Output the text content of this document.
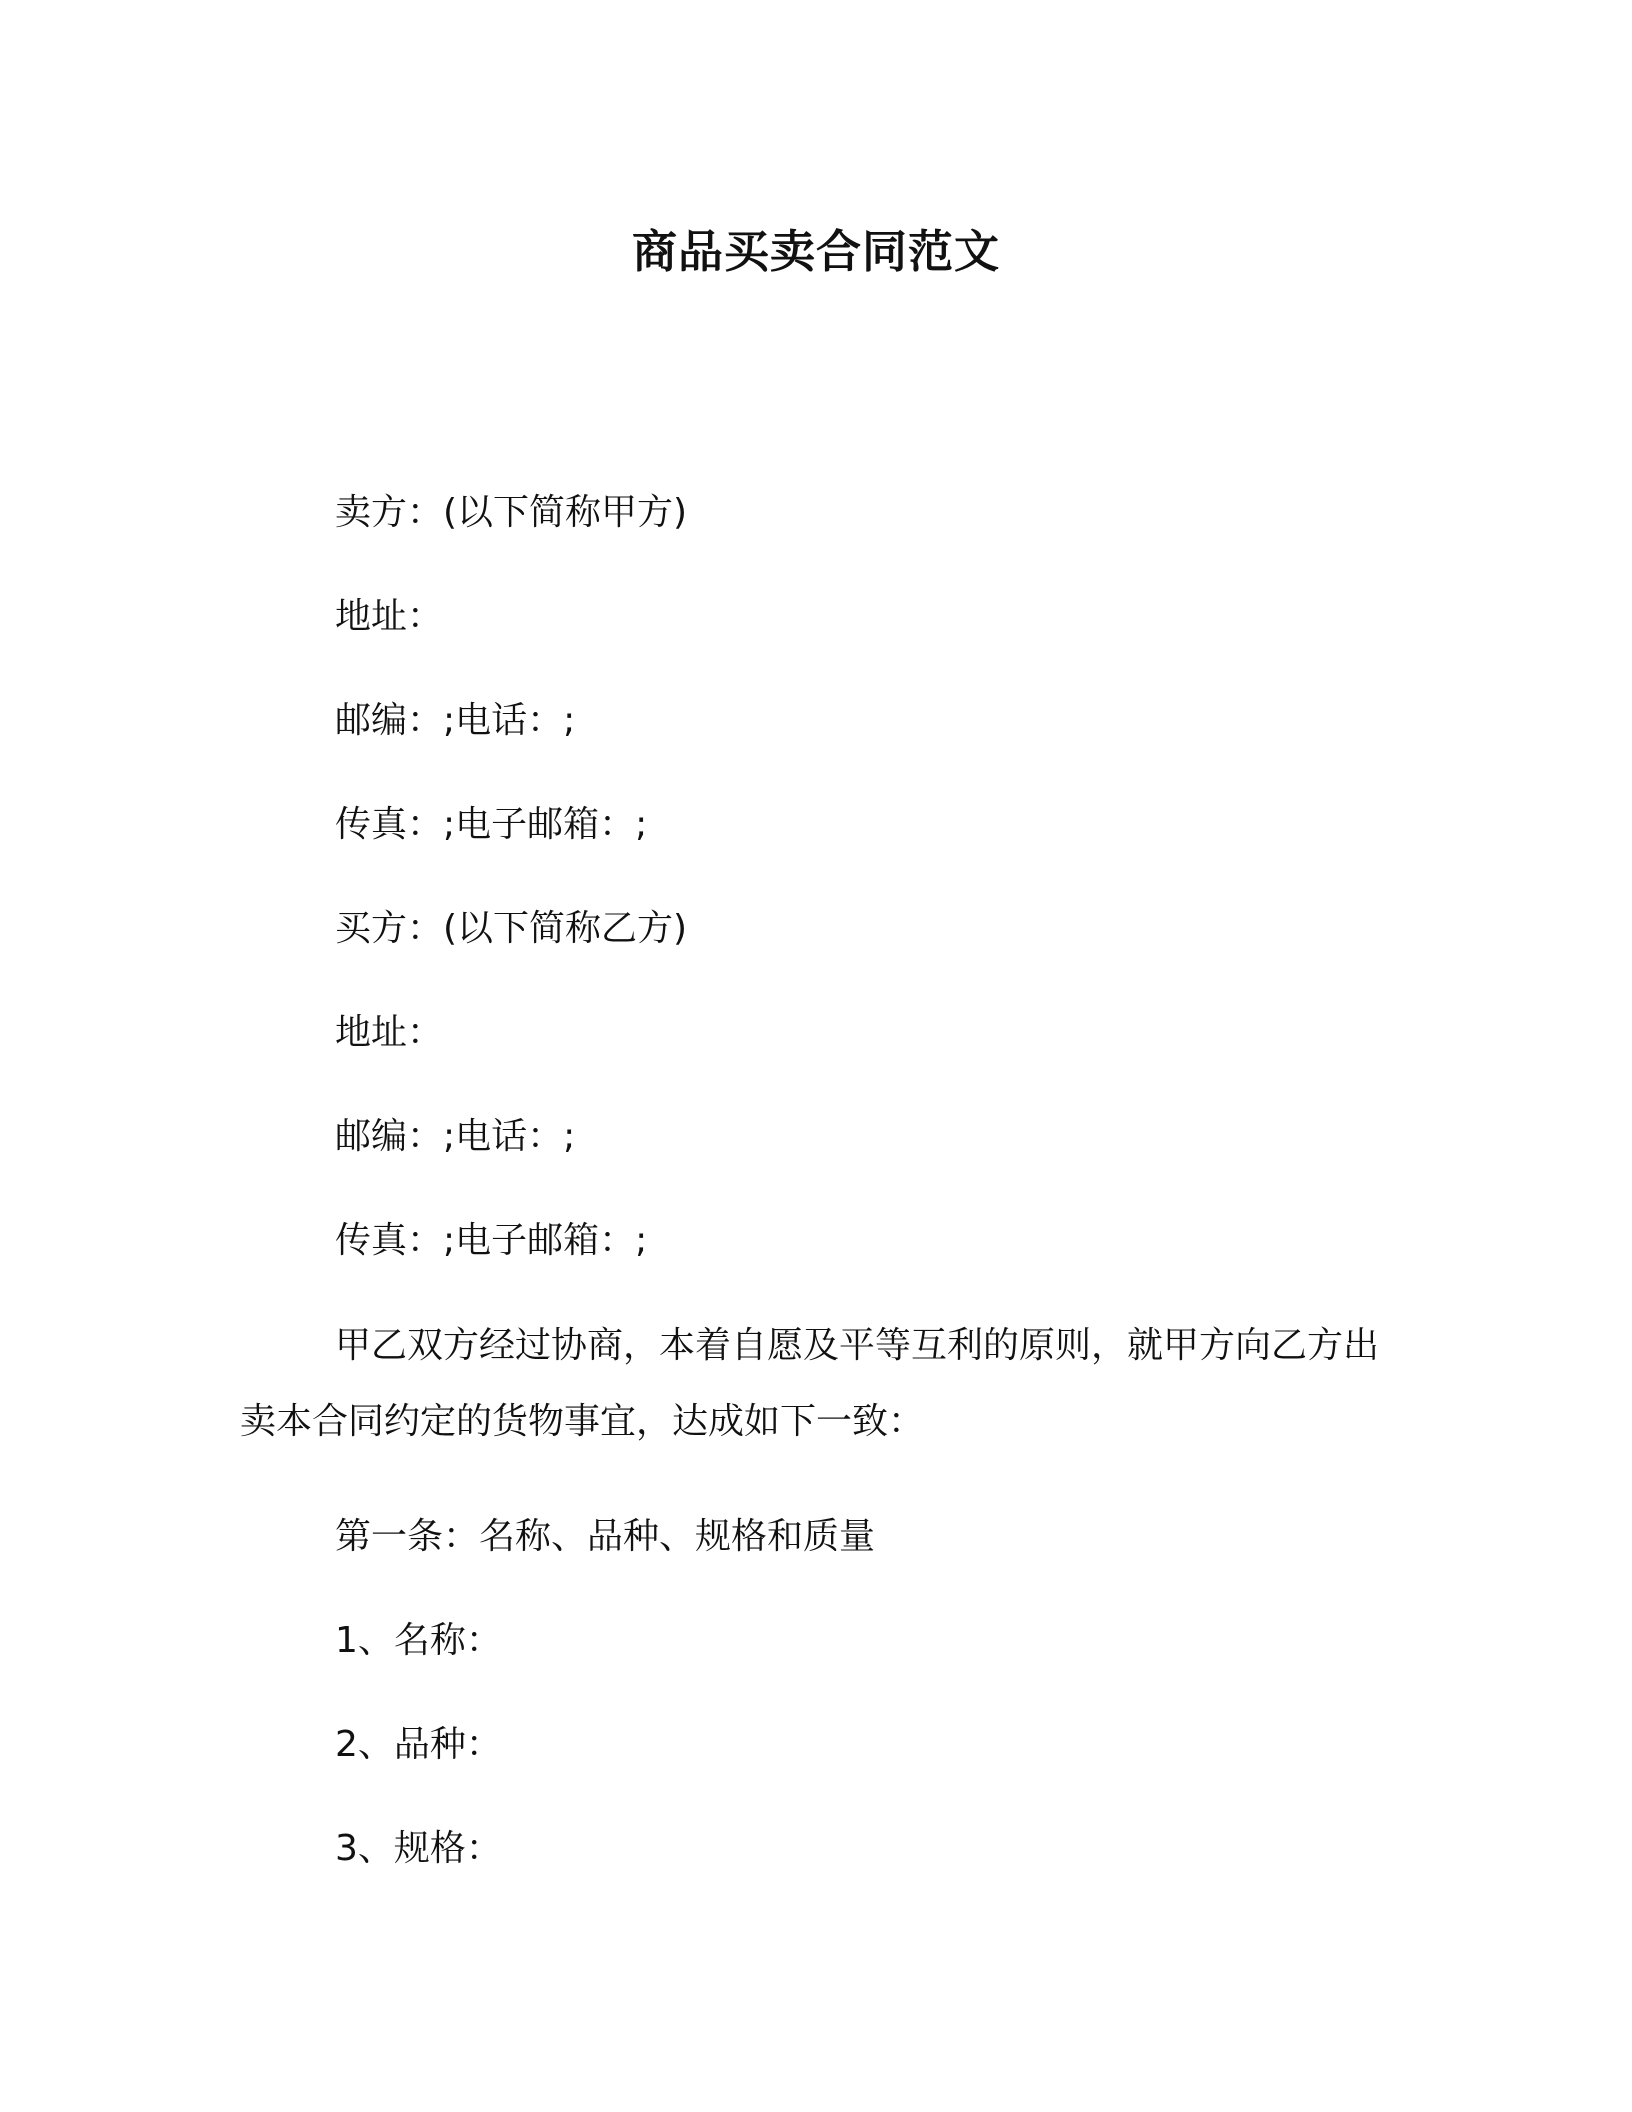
商品买卖合同范文
卖方：(以下简称甲方)
地址：
邮编：;电话：;
传真：;电子邮箱：;
买方：(以下简称乙方)
地址：
邮编：;电话：;
传真：;电子邮箱：;
甲乙双方经过协商，本着自愿及平等互利的原则，就甲方向乙方出卖本合同约定的货物事宜，达成如下一致：
第一条：名称、品种、规格和质量
1、名称：
2、品种：
3、规格：
